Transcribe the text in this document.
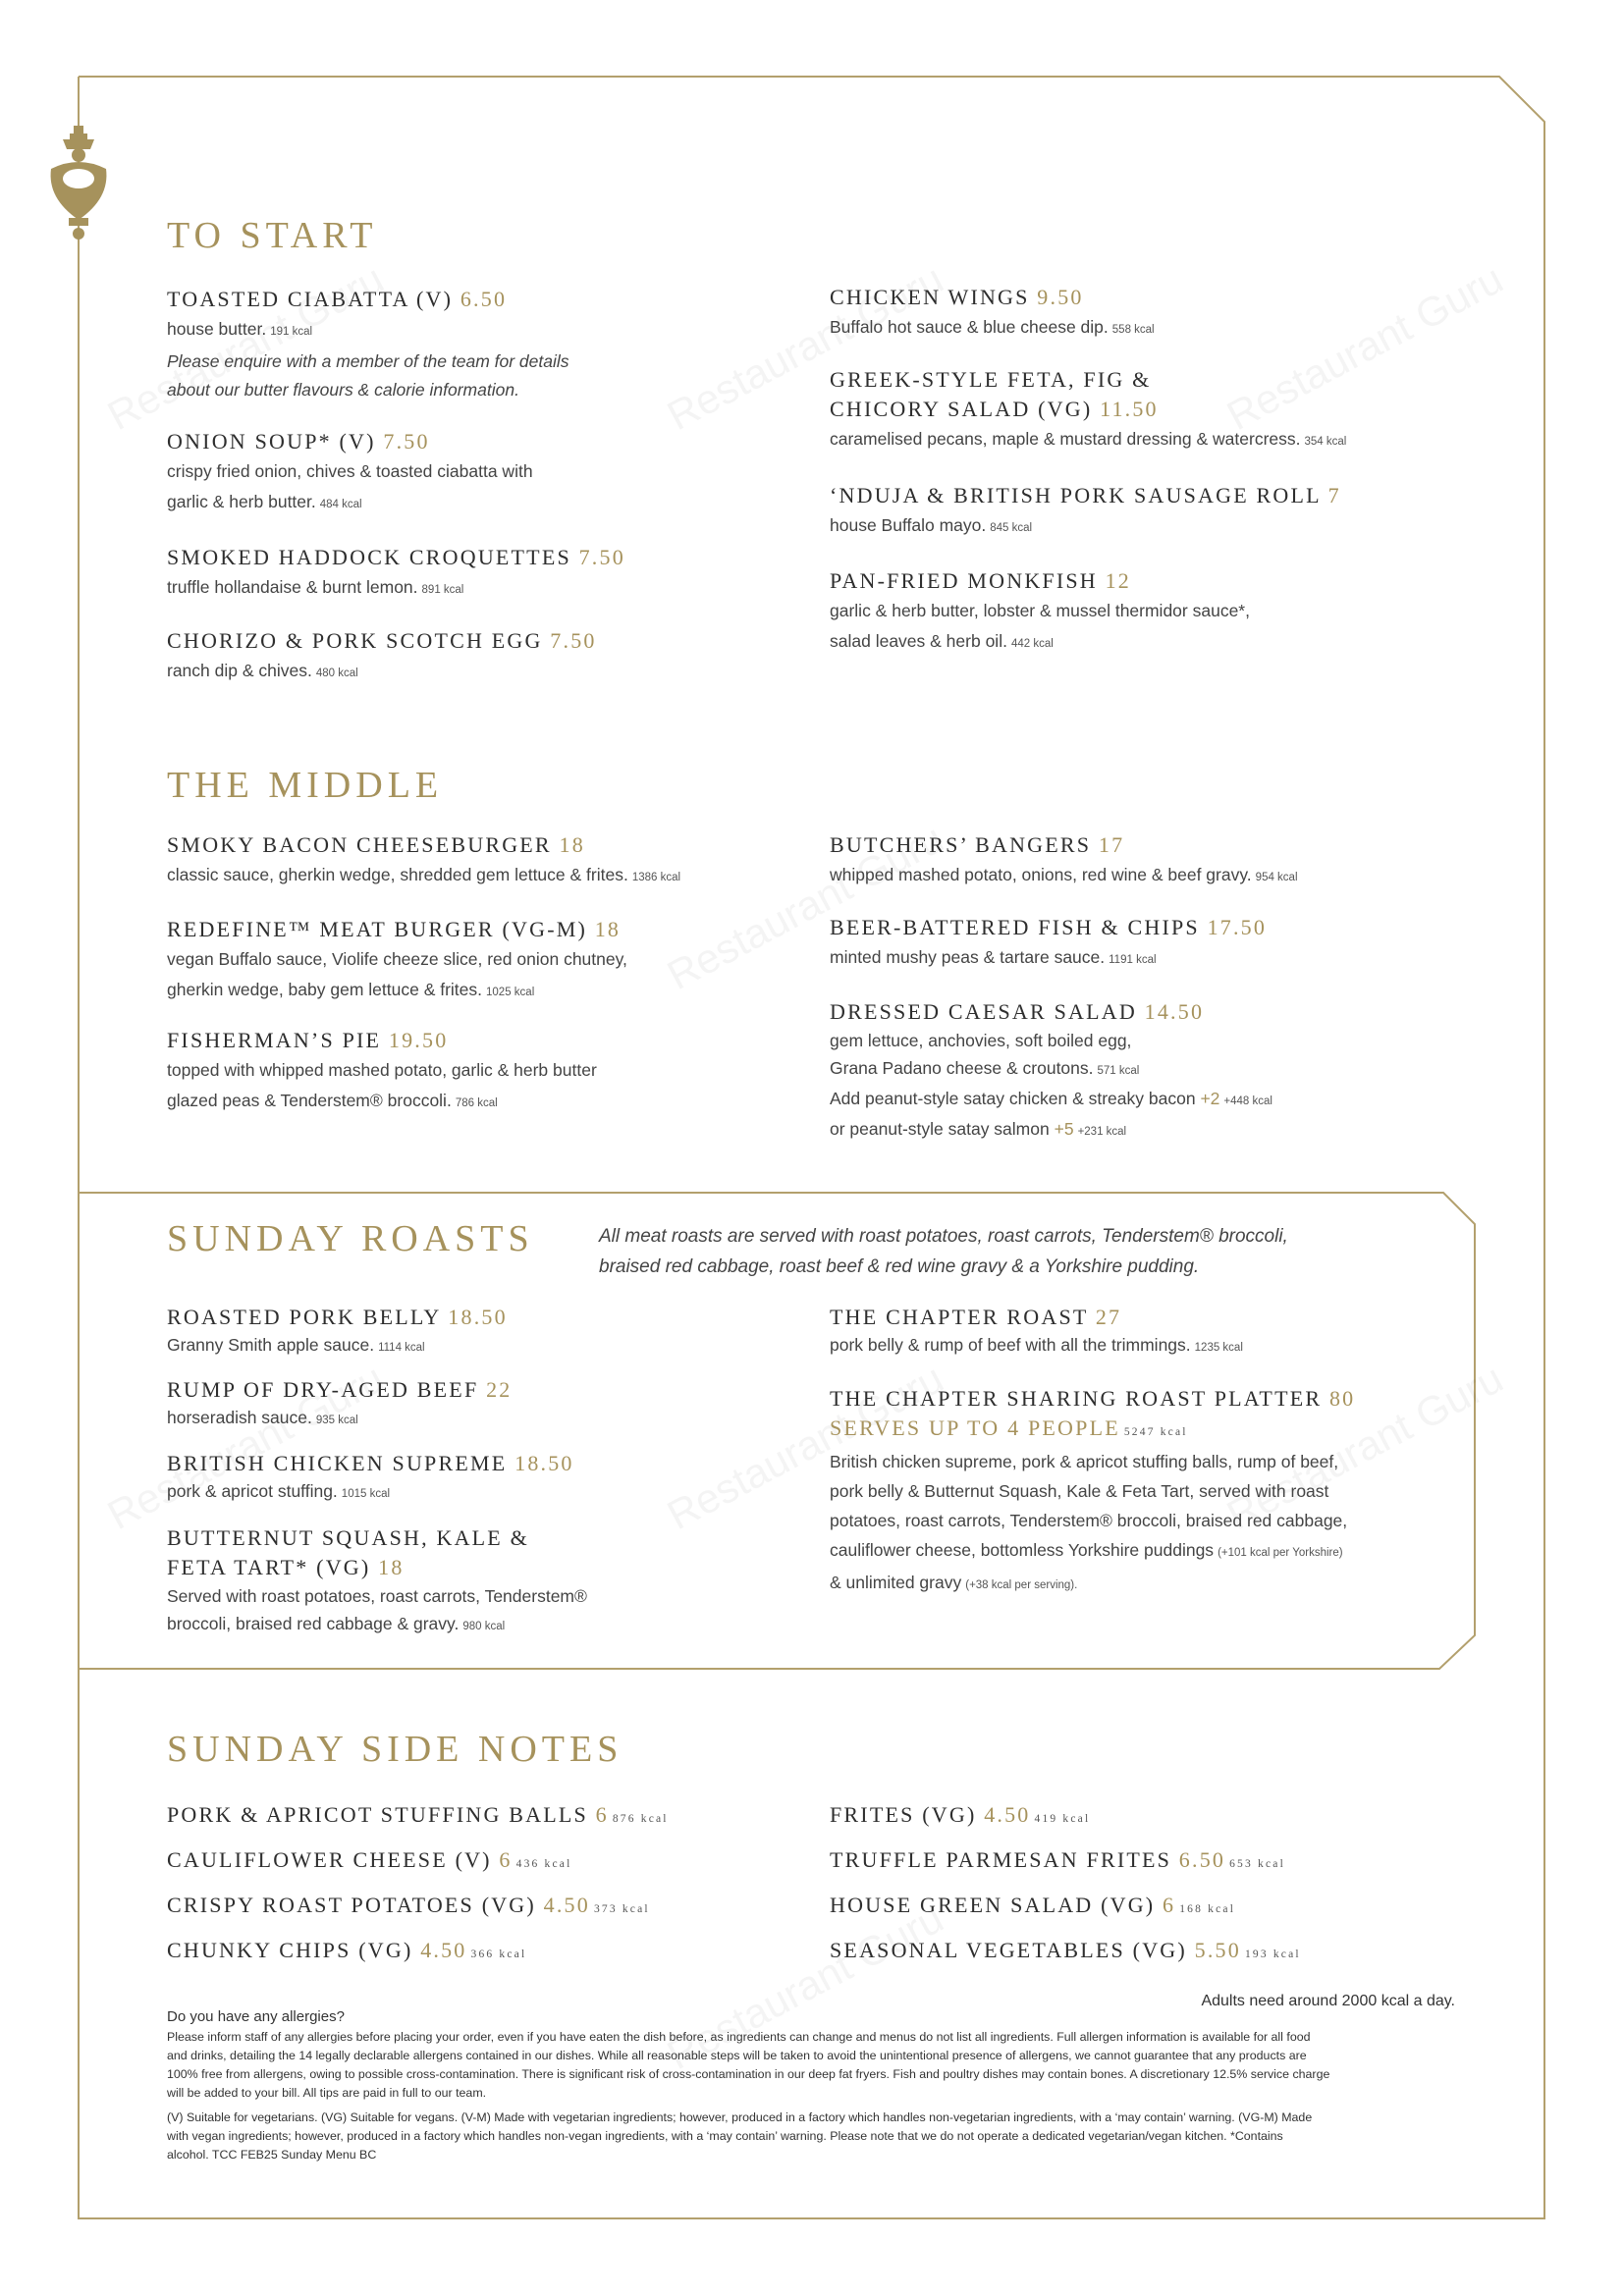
TO START
TOASTED CIABATTA (V) 6.50
house butter. 191 kcal
Please enquire with a member of the team for details
about our butter flavours & calorie information.
ONION SOUP* (V) 7.50
crispy fried onion, chives & toasted ciabatta with
garlic & herb butter. 484 kcal
SMOKED HADDOCK CROQUETTES 7.50
truffle hollandaise & burnt lemon. 891 kcal
CHORIZO & PORK SCOTCH EGG 7.50
ranch dip & chives. 480 kcal
CHICKEN WINGS 9.50
Buffalo hot sauce & blue cheese dip. 558 kcal
GREEK-STYLE FETA, FIG &
CHICORY SALAD (VG) 11.50
caramelised pecans, maple & mustard dressing & watercress. 354 kcal
‘NDUJA & BRITISH PORK SAUSAGE ROLL 7
house Buffalo mayo. 845 kcal
PAN-FRIED MONKFISH 12
garlic & herb butter, lobster & mussel thermidor sauce*,
salad leaves & herb oil. 442 kcal
THE MIDDLE
SMOKY BACON CHEESEBURGER 18
classic sauce, gherkin wedge, shredded gem lettuce & frites. 1386 kcal
REDEFINE™ MEAT BURGER (VG-M) 18
vegan Buffalo sauce, Violife cheeze slice, red onion chutney,
gherkin wedge, baby gem lettuce & frites. 1025 kcal
FISHERMAN’S PIE 19.50
topped with whipped mashed potato, garlic & herb butter
glazed peas & Tenderstem® broccoli. 786 kcal
BUTCHERS’ BANGERS 17
whipped mashed potato, onions, red wine & beef gravy. 954 kcal
BEER-BATTERED FISH & CHIPS 17.50
minted mushy peas & tartare sauce. 1191 kcal
DRESSED CAESAR SALAD 14.50
gem lettuce, anchovies, soft boiled egg,
Grana Padano cheese & croutons. 571 kcal
Add peanut-style satay chicken & streaky bacon +2 +448 kcal
or peanut-style satay salmon +5 +231 kcal
SUNDAY ROASTS	All meat roasts are served with roast potatoes, roast carrots, Tenderstem® broccoli,
braised red cabbage, roast beef & red wine gravy & a Yorkshire pudding.
ROASTED PORK BELLY 18.50
Granny Smith apple sauce. 1114 kcal
RUMP OF DRY-AGED BEEF 22
horseradish sauce. 935 kcal
BRITISH CHICKEN SUPREME 18.50
pork & apricot stuffing. 1015 kcal
BUTTERNUT SQUASH, KALE &
FETA TART* (VG) 18
Served with roast potatoes, roast carrots, Tenderstem®
broccoli, braised red cabbage & gravy. 980 kcal
THE CHAPTER ROAST 27
pork belly & rump of beef with all the trimmings. 1235 kcal
THE CHAPTER SHARING ROAST PLATTER 80
SERVES UP TO 4 PEOPLE 5247 kcal
British chicken supreme, pork & apricot stuffing balls, rump of beef,
pork belly & Butternut Squash, Kale & Feta Tart, served with roast
potatoes, roast carrots, Tenderstem® broccoli, braised red cabbage,
cauliflower cheese, bottomless Yorkshire puddings (+101 kcal per Yorkshire)
& unlimited gravy (+38 kcal per serving).
SUNDAY SIDE NOTES
PORK & APRICOT STUFFING BALLS 6 876 kcal
CAULIFLOWER CHEESE (V) 6 436 kcal
CRISPY ROAST POTATOES (VG) 4.50 373 kcal
CHUNKY CHIPS (VG) 4.50 366 kcal
FRITES (VG) 4.50 419 kcal
TRUFFLE PARMESAN FRITES 6.50 653 kcal
HOUSE GREEN SALAD (VG) 6 168 kcal
SEASONAL VEGETABLES (VG) 5.50 193 kcal
Adults need around 2000 kcal a day.
Do you have any allergies?
Please inform staff of any allergies before placing your order, even if you have eaten the dish before, as ingredients can change and menus do not list all ingredients. Full allergen information is available for all food
and drinks, detailing the 14 legally declarable allergens contained in our dishes. While all reasonable steps will be taken to avoid the unintentional presence of allergens, we cannot guarantee that any products are
100% free from allergens, owing to possible cross-contamination. There is significant risk of cross-contamination in our deep fat fryers. Fish and poultry dishes may contain bones. A discretionary 12.5% service charge
will be added to your bill. All tips are paid in full to our team.
(V) Suitable for vegetarians. (VG) Suitable for vegans. (V-M) Made with vegetarian ingredients; however, produced in a factory which handles non-vegetarian ingredients, with a ‘may contain’ warning. (VG-M) Made
with vegan ingredients; however, produced in a factory which handles non-vegan ingredients, with a ‘may contain’ warning. Please note that we do not operate a dedicated vegetarian/vegan kitchen. *Contains
alcohol. TCC FEB25 Sunday Menu BC
